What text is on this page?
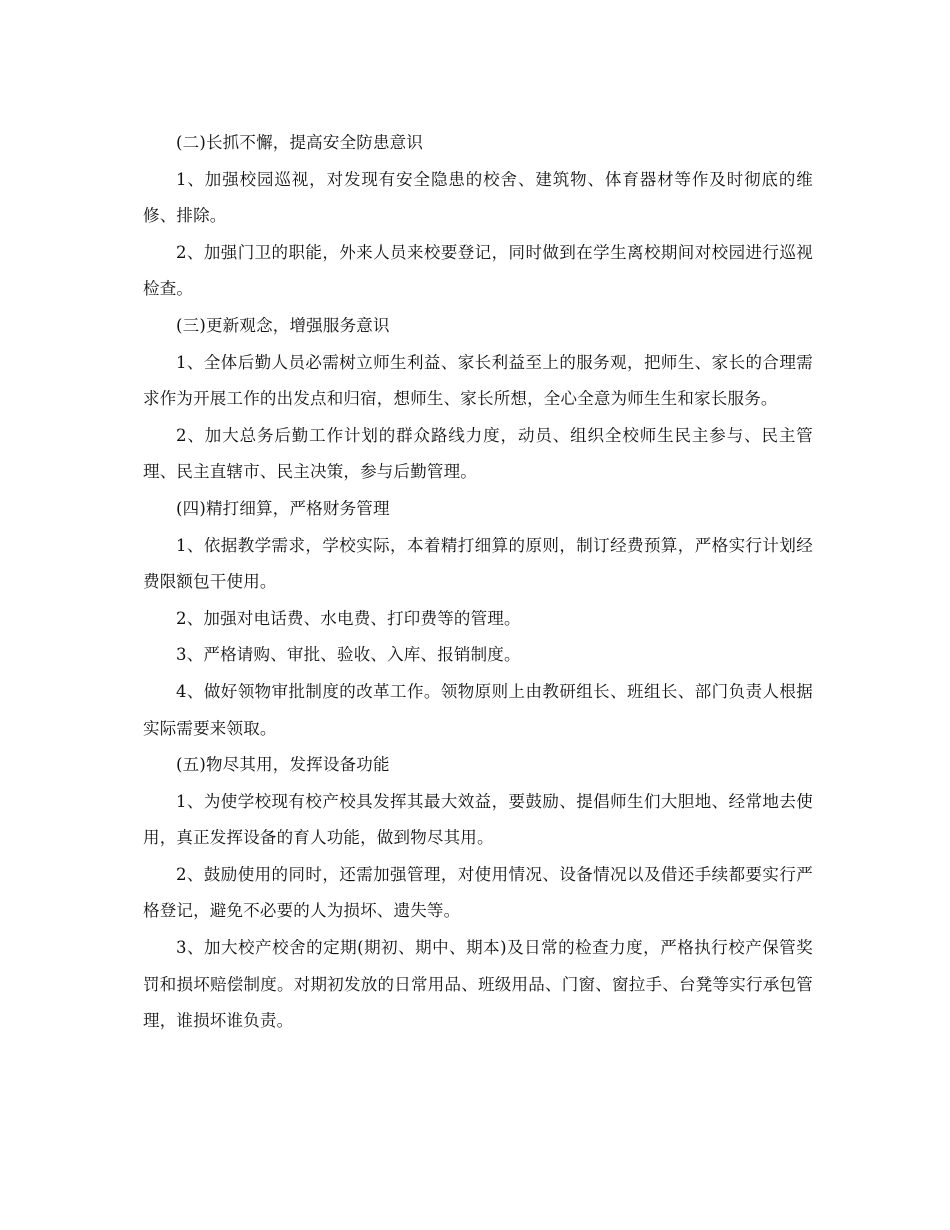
(二)长抓不懈，提高安全防患意识

1、加强校园巡视，对发现有安全隐患的校舍、建筑物、体育器材等作及时彻底的维修、排除。

2、加强门卫的职能，外来人员来校要登记，同时做到在学生离校期间对校园进行巡视检查。

(三)更新观念，增强服务意识

1、全体后勤人员必需树立师生利益、家长利益至上的服务观，把师生、家长的合理需求作为开展工作的出发点和归宿，想师生、家长所想，全心全意为师生生和家长服务。

2、加大总务后勤工作计划的群众路线力度，动员、组织全校师生民主参与、民主管理、民主直辖市、民主决策，参与后勤管理。

(四)精打细算，严格财务管理

1、依据教学需求，学校实际，本着精打细算的原则，制订经费预算，严格实行计划经费限额包干使用。

2、加强对电话费、水电费、打印费等的管理。

3、严格请购、审批、验收、入库、报销制度。

4、做好领物审批制度的改革工作。领物原则上由教研组长、班组长、部门负责人根据实际需要来领取。

(五)物尽其用，发挥设备功能

1、为使学校现有校产校具发挥其最大效益，要鼓励、提倡师生们大胆地、经常地去使用，真正发挥设备的育人功能，做到物尽其用。

2、鼓励使用的同时，还需加强管理，对使用情况、设备情况以及借还手续都要实行严格登记，避免不必要的人为损坏、遗失等。

3、加大校产校舍的定期(期初、期中、期本)及日常的检查力度，严格执行校产保管奖罚和损坏赔偿制度。对期初发放的日常用品、班级用品、门窗、窗拉手、台凳等实行承包管理，谁损坏谁负责。
